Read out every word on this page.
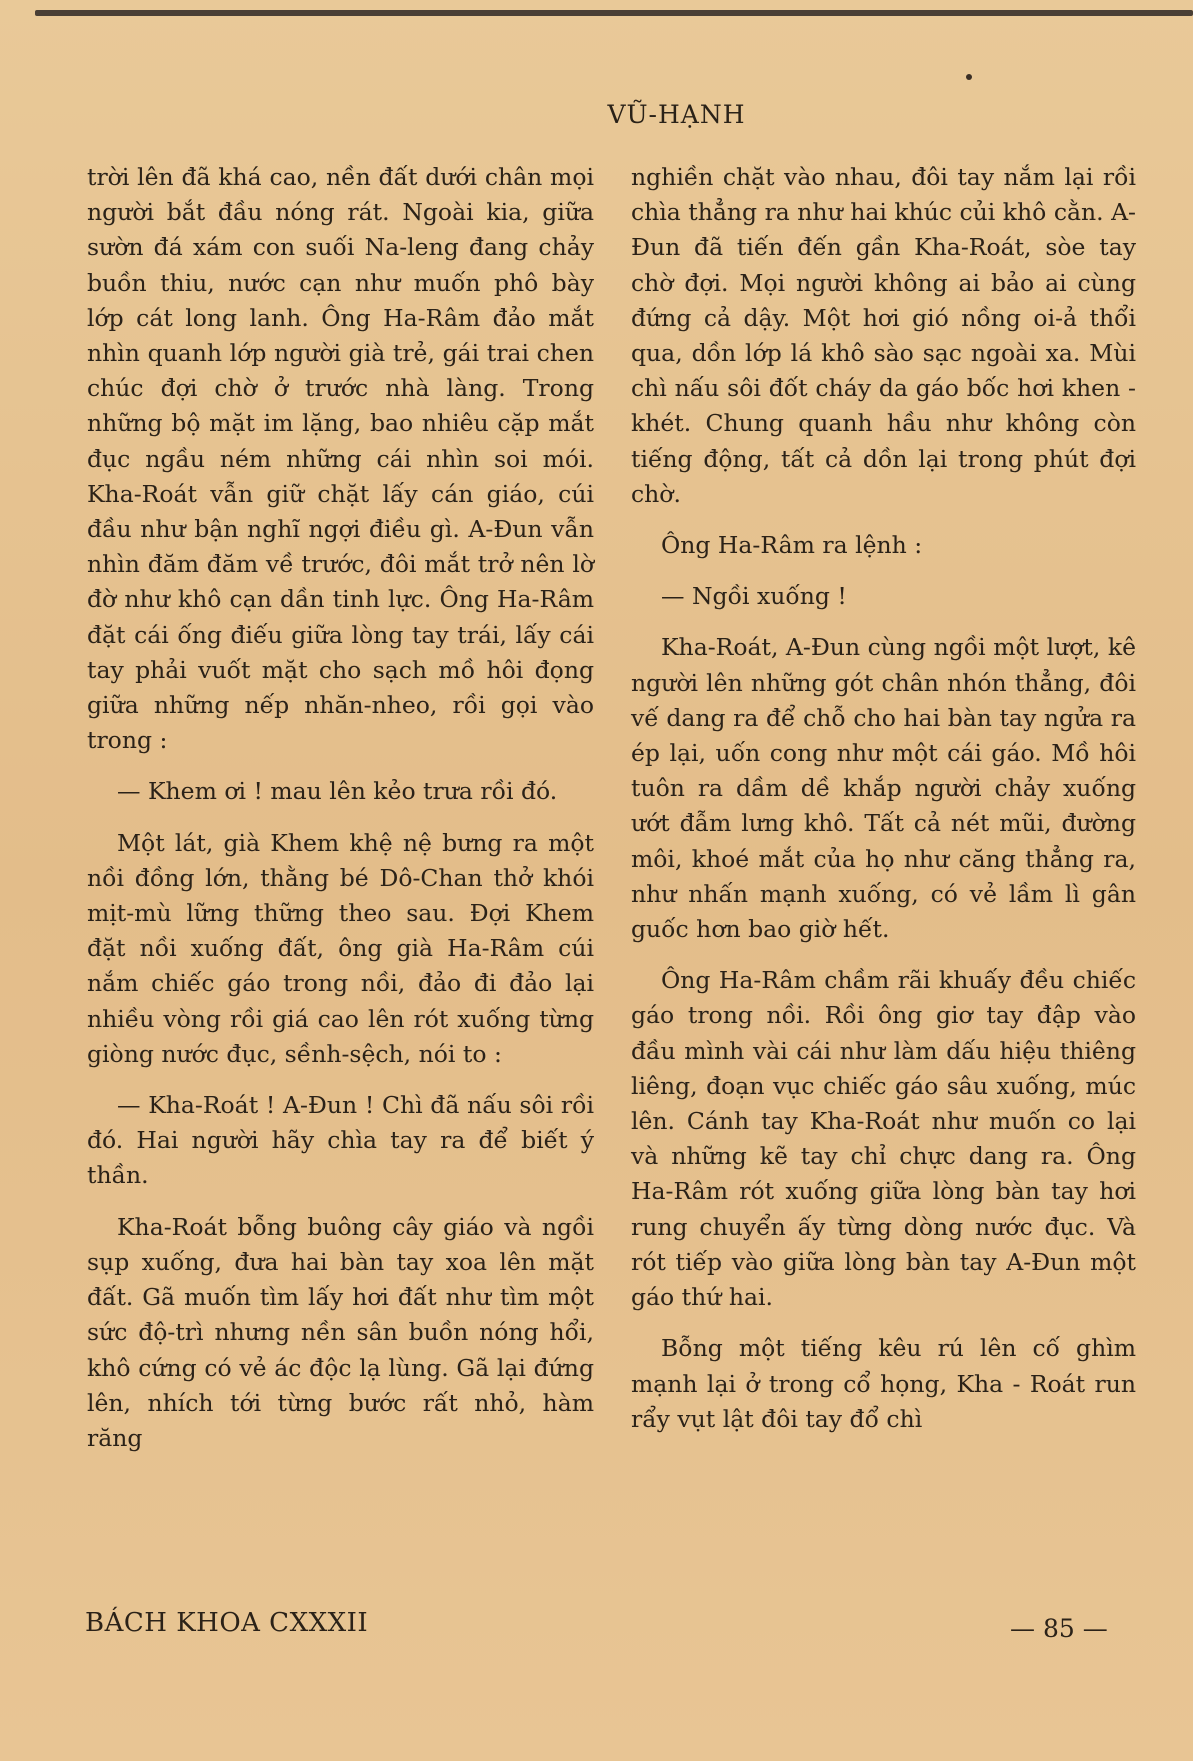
VŨ-HẠNH

trời lên đã khá cao, nền đất dưới chân mọi người bắt đầu nóng rát. Ngoài kia, giữa sườn đá xám con suối Na-leng đang chảy buồn thiu, nước cạn như muốn phô bày lớp cát long lanh. Ông Ha-Râm đảo mắt nhìn quanh lớp người già trẻ, gái trai chen chúc đợi chờ ở trước nhà làng. Trong những bộ mặt im lặng, bao nhiêu cặp mắt đục ngầu ném những cái nhìn soi mói. Kha-Roát vẫn giữ chặt lấy cán giáo, cúi đầu như bận nghĩ ngợi điều gì. A-Đun vẫn nhìn đăm đăm về trước, đôi mắt trở nên lờ đờ như khô cạn dần tinh lực. Ông Ha-Râm đặt cái ống điếu giữa lòng tay trái, lấy cái tay phải vuốt mặt cho sạch mồ hôi đọng giữa những nếp nhăn-nheo, rồi gọi vào trong :

— Khem ơi ! mau lên kẻo trưa rồi đó.

Một lát, già Khem khệ nệ bưng ra một nồi đồng lớn, thằng bé Dô-Chan thở khói mịt-mù lững thững theo sau. Đợi Khem đặt nồi xuống đất, ông già Ha-Râm cúi nắm chiếc gáo trong nồi, đảo đi đảo lại nhiều vòng rồi giá cao lên rót xuống từng giòng nước đục, sềnh-sệch, nói to :

— Kha-Roát ! A-Đun ! Chì đã nấu sôi rồi đó. Hai người hãy chìa tay ra để biết ý thần.

Kha-Roát bỗng buông cây giáo và ngồi sụp xuống, đưa hai bàn tay xoa lên mặt đất. Gã muốn tìm lấy hơi đất như tìm một sức độ-trì nhưng nền sân buồn nóng hổi, khô cứng có vẻ ác độc lạ lùng. Gã lại đứng lên, nhích tới từng bước rất nhỏ, hàm răng

nghiền chặt vào nhau, đôi tay nắm lại rồi chìa thẳng ra như hai khúc củi khô cằn. A-Đun đã tiến đến gần Kha-Roát, sòe tay chờ đợi. Mọi người không ai bảo ai cùng đứng cả dậy. Một hơi gió nồng oi-ả thổi qua, dồn lớp lá khô sào sạc ngoài xa. Mùi chì nấu sôi đốt cháy da gáo bốc hơi khen - khét. Chung quanh hầu như không còn tiếng động, tất cả dồn lại trong phút đợi chờ.

Ông Ha-Râm ra lệnh :

— Ngồi xuống !

Kha-Roát, A-Đun cùng ngồi một lượt, kê người lên những gót chân nhón thẳng, đôi vế dang ra để chỗ cho hai bàn tay ngửa ra ép lại, uốn cong như một cái gáo. Mồ hôi tuôn ra dầm dề khắp người chảy xuống ướt đẫm lưng khô. Tất cả nét mũi, đường môi, khoé mắt của họ như căng thẳng ra, như nhấn mạnh xuống, có vẻ lầm lì gân guốc hơn bao giờ hết.

Ông Ha-Râm chầm rãi khuấy đều chiếc gáo trong nồi. Rồi ông giơ tay đập vào đầu mình vài cái như làm dấu hiệu thiêng liêng, đoạn vục chiếc gáo sâu xuống, múc lên. Cánh tay Kha-Roát như muốn co lại và những kẽ tay chỉ chực dang ra. Ông Ha-Râm rót xuống giữa lòng bàn tay hơi rung chuyển ấy từng dòng nước đục. Và rót tiếp vào giữa lòng bàn tay A-Đun một gáo thứ hai.

Bỗng một tiếng kêu rú lên cố ghìm mạnh lại ở trong cổ họng, Kha - Roát run rẩy vụt lật đôi tay đổ chì

BÁCH KHOA CXXXII	— 85 —
